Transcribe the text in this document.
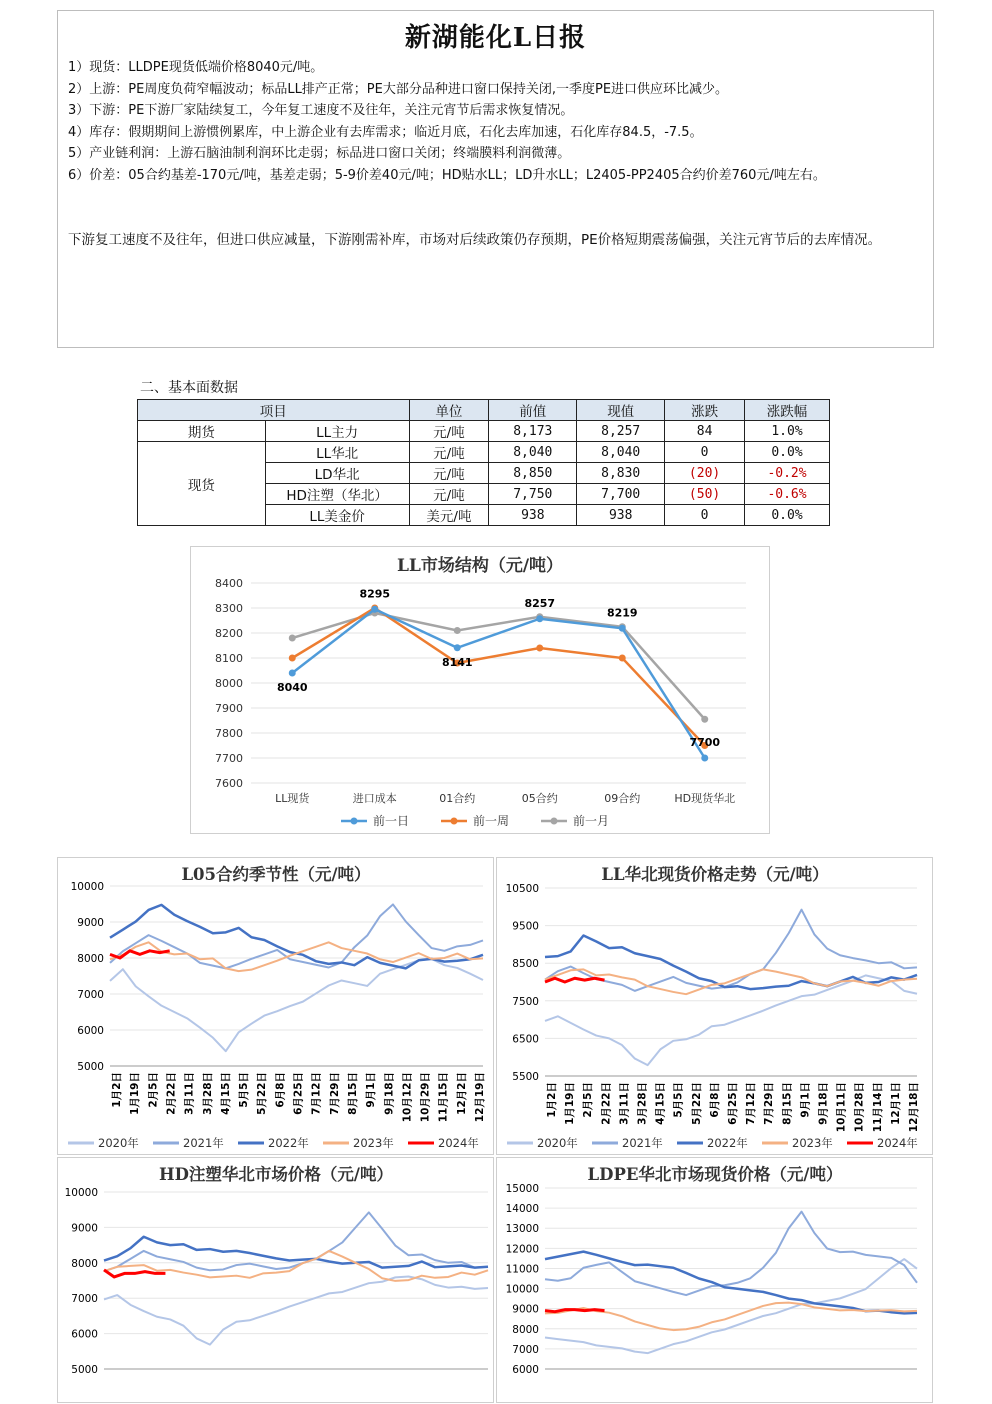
新湖能化L日报
1）现货：LLDPE现货低端价格8040元/吨。
2）上游：PE周度负荷窄幅波动；标品LL排产正常；PE大部分品种进口窗口保持关闭,一季度PE进口供应环比减少。
3）下游：PE下游厂家陆续复工，今年复工速度不及往年，关注元宵节后需求恢复情况。
4）库存：假期期间上游惯例累库，中上游企业有去库需求；临近月底，石化去库加速，石化库存84.5，-7.5。
5）产业链利润：上游石脑油制利润环比走弱；标品进口窗口关闭；终端膜料利润微薄。
6）价差：05合约基差-170元/吨，基差走弱；5-9价差40元/吨；HD贴水LL；LD升水LL；L2405-PP2405合约价差760元/吨左右。
下游复工速度不及往年，但进口供应减量，下游刚需补库，市场对后续政策仍存预期，PE价格短期震荡偏强，关注元宵节后的去库情况。
二、基本面数据
项目		单位	前值	现值	涨跌	涨跌幅
期货	LL主力	元/吨	8,173	8,257	84	1.0%
现货	LL华北	元/吨	8,040	8,040	0	0.0%
	LD华北	元/吨	8,850	8,830	(20)	-0.2%
	HD注塑（华北）	元/吨	7,750	7,700	(50)	-0.6%
	LL美金价	美元/吨	938	938	0	0.0%
LL市场结构（元/吨）
7600
7700
7800
7900
8000
8100
8200
8300
8400
LL现货	进口成本	01合约	05合约	09合约	HD现货华北
8040
8295
8141
8257
8219
7700
前一日	前一周	前一月
L05合约季节性（元/吨）
5000
6000
7000
8000
9000
10000
1月2日 1月19日 2月5日 2月22日 3月11日 3月28日 4月15日 5月5日 5月22日 6月8日 6月25日 7月12日 7月29日 8月15日 9月1日 9月18日 10月12日 10月29日 11月15日 12月2日 12月19日
2020年	2021年	2022年	2023年	2024年
LL华北现货价格走势（元/吨）
5500
6500
7500
8500
9500
10500
1月2日 1月19日 2月5日 2月22日 3月11日 3月28日 4月15日 5月5日 5月22日 6月8日 6月25日 7月12日 7月29日 8月15日 9月1日 9月18日 10月11日 10月28日 11月14日 12月1日 12月18日
2020年	2021年	2022年	2023年	2024年
HD注塑华北市场价格（元/吨）
5000
6000
7000
8000
9000
10000
LDPE华北市场现货价格（元/吨）
6000
7000
8000
9000
10000
11000
12000
13000
14000
15000
